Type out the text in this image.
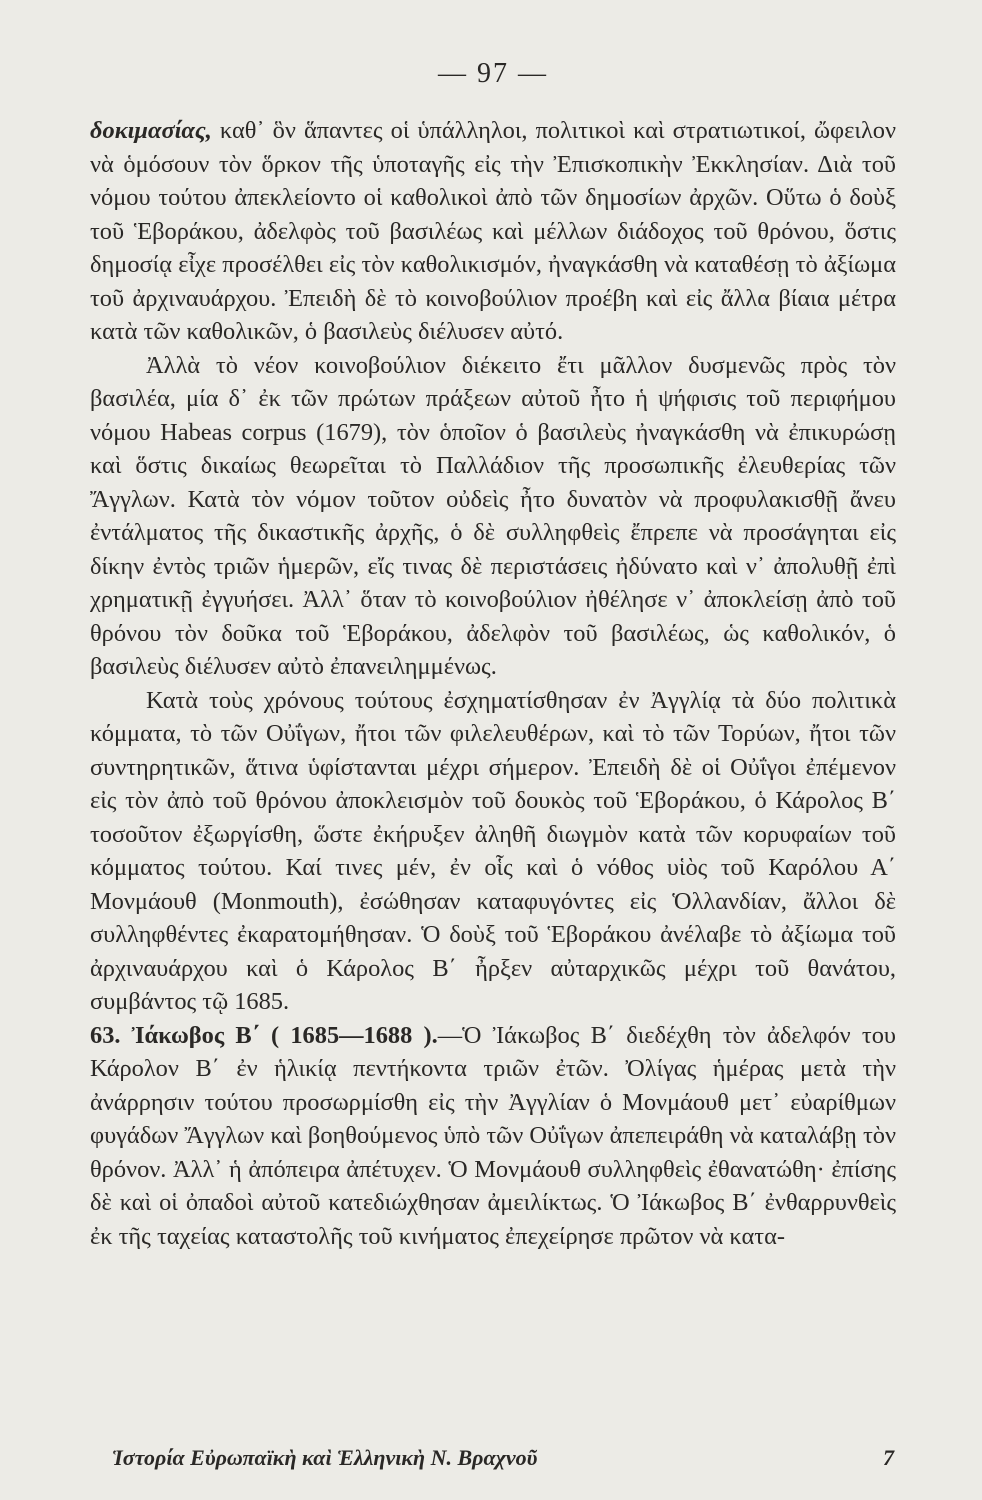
— 97 —

δοκιμασίας, καθ᾽ ὃν ἅπαντες οἱ ὑπάλληλοι, πολιτικοὶ καὶ στρατιωτικοί, ὤφειλον νὰ ὁμόσουν τὸν ὅρκον τῆς ὑποταγῆς εἰς τὴν Ἐπισκοπικὴν Ἐκκλησίαν. Διὰ τοῦ νόμου τούτου ἀπεκλείοντο οἱ καθολικοὶ ἀπὸ τῶν δημοσίων ἀρχῶν. Οὕτω ὁ δοὺξ τοῦ Ἑβοράκου, ἀδελφὸς τοῦ βασιλέως καὶ μέλλων διάδοχος τοῦ θρόνου, ὅστις δημοσίᾳ εἶχε προσέλθει εἰς τὸν καθολικισμόν, ἠναγκάσθη νὰ καταθέσῃ τὸ ἀξίωμα τοῦ ἀρχιναυάρχου. Ἐπειδὴ δὲ τὸ κοινοβούλιον προέβη καὶ εἰς ἄλλα βίαια μέτρα κατὰ τῶν καθολικῶν, ὁ βασιλεὺς διέλυσεν αὐτό.

Ἀλλὰ τὸ νέον κοινοβούλιον διέκειτο ἔτι μᾶλλον δυσμενῶς πρὸς τὸν βασιλέα, μία δ᾽ ἐκ τῶν πρώτων πράξεων αὐτοῦ ἦτο ἡ ψήφισις τοῦ περιφήμου νόμου Habeas corpus (1679), τὸν ὁποῖον ὁ βασιλεὺς ἠναγκάσθη νὰ ἐπικυρώσῃ καὶ ὅστις δικαίως θεωρεῖται τὸ Παλλάδιον τῆς προσωπικῆς ἐλευθερίας τῶν Ἄγγλων. Κατὰ τὸν νόμον τοῦτον οὐδεὶς ἦτο δυνατὸν νὰ προφυλακισθῇ ἄνευ ἐντάλματος τῆς δικαστικῆς ἀρχῆς, ὁ δὲ συλληφθεὶς ἔπρεπε νὰ προσάγηται εἰς δίκην ἐντὸς τριῶν ἡμερῶν, εἴς τινας δὲ περιστάσεις ἠδύνατο καὶ ν᾽ ἀπολυθῇ ἐπὶ χρηματικῇ ἐγγυήσει. Ἀλλ᾽ ὅταν τὸ κοινοβούλιον ἠθέλησε ν᾽ ἀποκλείσῃ ἀπὸ τοῦ θρόνου τὸν δοῦκα τοῦ Ἑβοράκου, ἀδελφὸν τοῦ βασιλέως, ὡς καθολικόν, ὁ βασιλεὺς διέλυσεν αὐτὸ ἐπανειλημμένως.

Κατὰ τοὺς χρόνους τούτους ἐσχηματίσθησαν ἐν Ἀγγλίᾳ τὰ δύο πολιτικὰ κόμματα, τὸ τῶν Οὐΐγων, ἤτοι τῶν φιλελευθέρων, καὶ τὸ τῶν Τορύων, ἤτοι τῶν συντηρητικῶν, ἅτινα ὑφίστανται μέχρι σήμερον. Ἐπειδὴ δὲ οἱ Οὐΐγοι ἐπέμενον εἰς τὸν ἀπὸ τοῦ θρόνου ἀποκλεισμὸν τοῦ δουκὸς τοῦ Ἑβοράκου, ὁ Κάρολος Β΄ τοσοῦτον ἐξωργίσθη, ὥστε ἐκήρυξεν ἀληθῆ διωγμὸν κατὰ τῶν κορυφαίων τοῦ κόμματος τούτου. Καί τινες μέν, ἐν οἷς καὶ ὁ νόθος υἱὸς τοῦ Καρόλου Α΄ Μονμάουθ (Monmouth), ἐσώθησαν καταφυγόντες εἰς Ὁλλανδίαν, ἄλλοι δὲ συλληφθέντες ἐκαρατομήθησαν. Ὁ δοὺξ τοῦ Ἑβοράκου ἀνέλαβε τὸ ἀξίωμα τοῦ ἀρχιναυάρχου καὶ ὁ Κάρολος Β΄ ἦρξεν αὐταρχικῶς μέχρι τοῦ θανάτου, συμβάντος τῷ 1685.

63. Ἰάκωβος Β΄ ( 1685—1688 ).—Ὁ Ἰάκωβος Β΄ διεδέχθη τὸν ἀδελφόν του Κάρολον Β΄ ἐν ἡλικίᾳ πεντήκοντα τριῶν ἐτῶν. Ὀλίγας ἡμέρας μετὰ τὴν ἀνάρρησιν τούτου προσωρμίσθη εἰς τὴν Ἀγγλίαν ὁ Μονμάουθ μετ᾽ εὐαρίθμων φυγάδων Ἄγγλων καὶ βοηθούμενος ὑπὸ τῶν Οὐΐγων ἀπεπειράθη νὰ καταλάβῃ τὸν θρόνον. Ἀλλ᾽ ἡ ἀπόπειρα ἀπέτυχεν. Ὁ Μονμάουθ συλληφθεὶς ἐθανατώθη· ἐπίσης δὲ καὶ οἱ ὀπαδοὶ αὐτοῦ κατεδιώχθησαν ἀμειλίκτως. Ὁ Ἰάκωβος Β΄ ἐνθαρρυνθεὶς ἐκ τῆς ταχείας καταστολῆς τοῦ κινήματος ἐπεχείρησε πρῶτον νὰ κατα-

Ἱστορία Εὐρωπαϊκὴ καὶ Ἑλληνικὴ Ν. Βραχνοῦ	7
